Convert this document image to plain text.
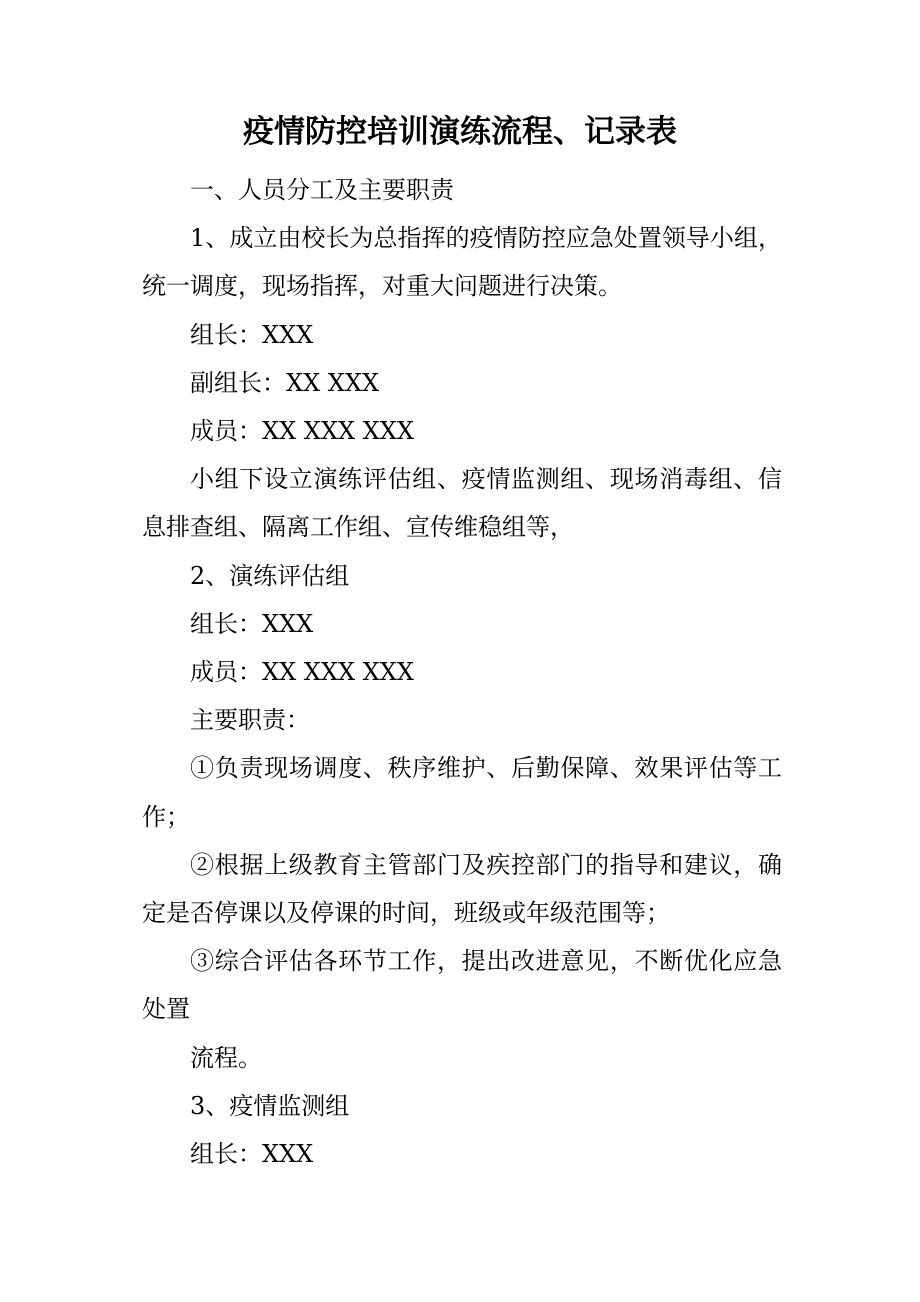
疫情防控培训演练流程、记录表

一、人员分工及主要职责

1、成立由校长为总指挥的疫情防控应急处置领导小组，统一调度，现场指挥，对重大问题进行决策。

组长：XXX

副组长：XX XXX

成员：XX XXX XXX

小组下设立演练评估组、疫情监测组、现场消毒组、信息排查组、隔离工作组、宣传维稳组等，

2、演练评估组

组长：XXX

成员：XX XXX XXX

主要职责：

①负责现场调度、秩序维护、后勤保障、效果评估等工作；

②根据上级教育主管部门及疾控部门的指导和建议，确定是否停课以及停课的时间，班级或年级范围等；

③综合评估各环节工作，提出改进意见，不断优化应急处置

流程。

3、疫情监测组

组长：XXX
